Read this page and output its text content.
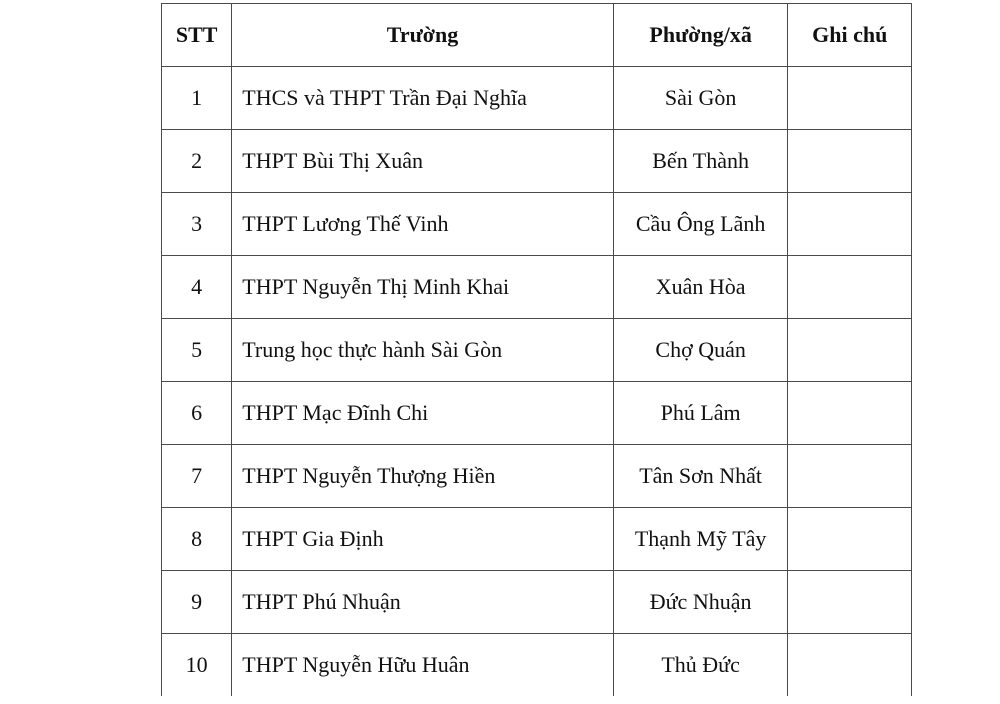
STT	Trường	Phường/xã	Ghi chú
1	THCS và THPT Trần Đại Nghĩa	Sài Gòn	
2	THPT Bùi Thị Xuân	Bến Thành	
3	THPT Lương Thế Vinh	Cầu Ông Lãnh	
4	THPT Nguyễn Thị Minh Khai	Xuân Hòa	
5	Trung học thực hành Sài Gòn	Chợ Quán	
6	THPT Mạc Đĩnh Chi	Phú Lâm	
7	THPT Nguyễn Thượng Hiền	Tân Sơn Nhất	
8	THPT Gia Định	Thạnh Mỹ Tây	
9	THPT Phú Nhuận	Đức Nhuận	
10	THPT Nguyễn Hữu Huân	Thủ Đức	
